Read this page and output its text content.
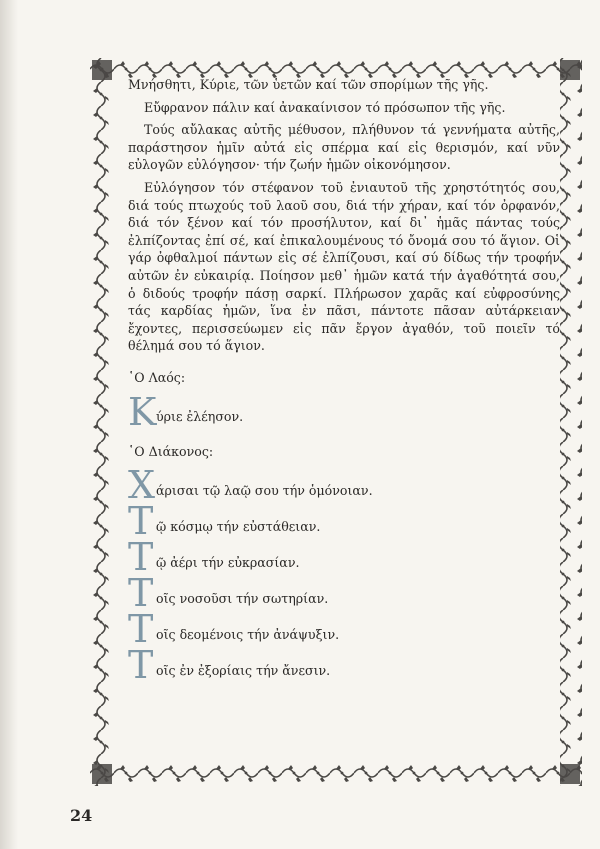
Μνήσθητι, Κύριε, τῶν ὑετῶν καί τῶν σπορίμων τῆς γῆς.

Εὔφρανον πάλιν καί ἀνακαίνισον τό πρόσωπον τῆς γῆς.

Τούς αὔλακας αὐτῆς μέθυσον, πλήθυνον τά γεννήματα αὐτῆς, παράστησον ἡμῖν αὐτά εἰς σπέρμα καί εἰς θερισμόν, καί νῦν εὐλογῶν εὐλόγησον· τήν ζωήν ἡμῶν οἰκονόμησον.

Εὐλόγησον τόν στέφανον τοῦ ἐνιαυτοῦ τῆς χρηστότητός σου, διά τούς πτωχούς τοῦ λαοῦ σου, διά τήν χήραν, καί τόν ὀρφανόν, διά τόν ξένον καί τόν προσήλυτον, καί δι᾿ ἡμᾶς πάντας τούς ἐλπίζοντας ἐπί σέ, καί ἐπικαλουμένους τό ὄνομά σου τό ἅγιον. Οἱ γάρ ὀφθαλμοί πάντων εἰς σέ ἐλπίζουσι, καί σύ δίδως τήν τροφήν αὐτῶν ἐν εὐκαιρίᾳ. Ποίησον μεθ᾿ ἡμῶν κατά τήν ἀγαθότητά σου, ὁ διδούς τροφήν πάσῃ σαρκί. Πλήρωσον χαρᾶς καί εὐφροσύνης τάς καρδίας ἡμῶν, ἵνα ἐν πᾶσι, πάντοτε πᾶσαν αὐτάρκειαν ἔχοντες, περισσεύωμεν εἰς πᾶν ἔργον ἀγαθόν, τοῦ ποιεῖν τό θέλημά σου τό ἅγιον.

῾Ο Λαός:
Κ ύριε ἐλέησον.
῾Ο Διάκονος:
Χ άρισαι τῷ λαῷ σου τήν ὁμόνοιαν.
Τ ῷ κόσμῳ τήν εὐστάθειαν.
Τ ῷ ἀέρι τήν εὐκρασίαν.
Τ οῖς νοσοῦσι τήν σωτηρίαν.
Τ οῖς δεομένοις τήν ἀνάψυξιν.
Τ οῖς ἐν ἐξορίαις τήν ἄνεσιν.
24
